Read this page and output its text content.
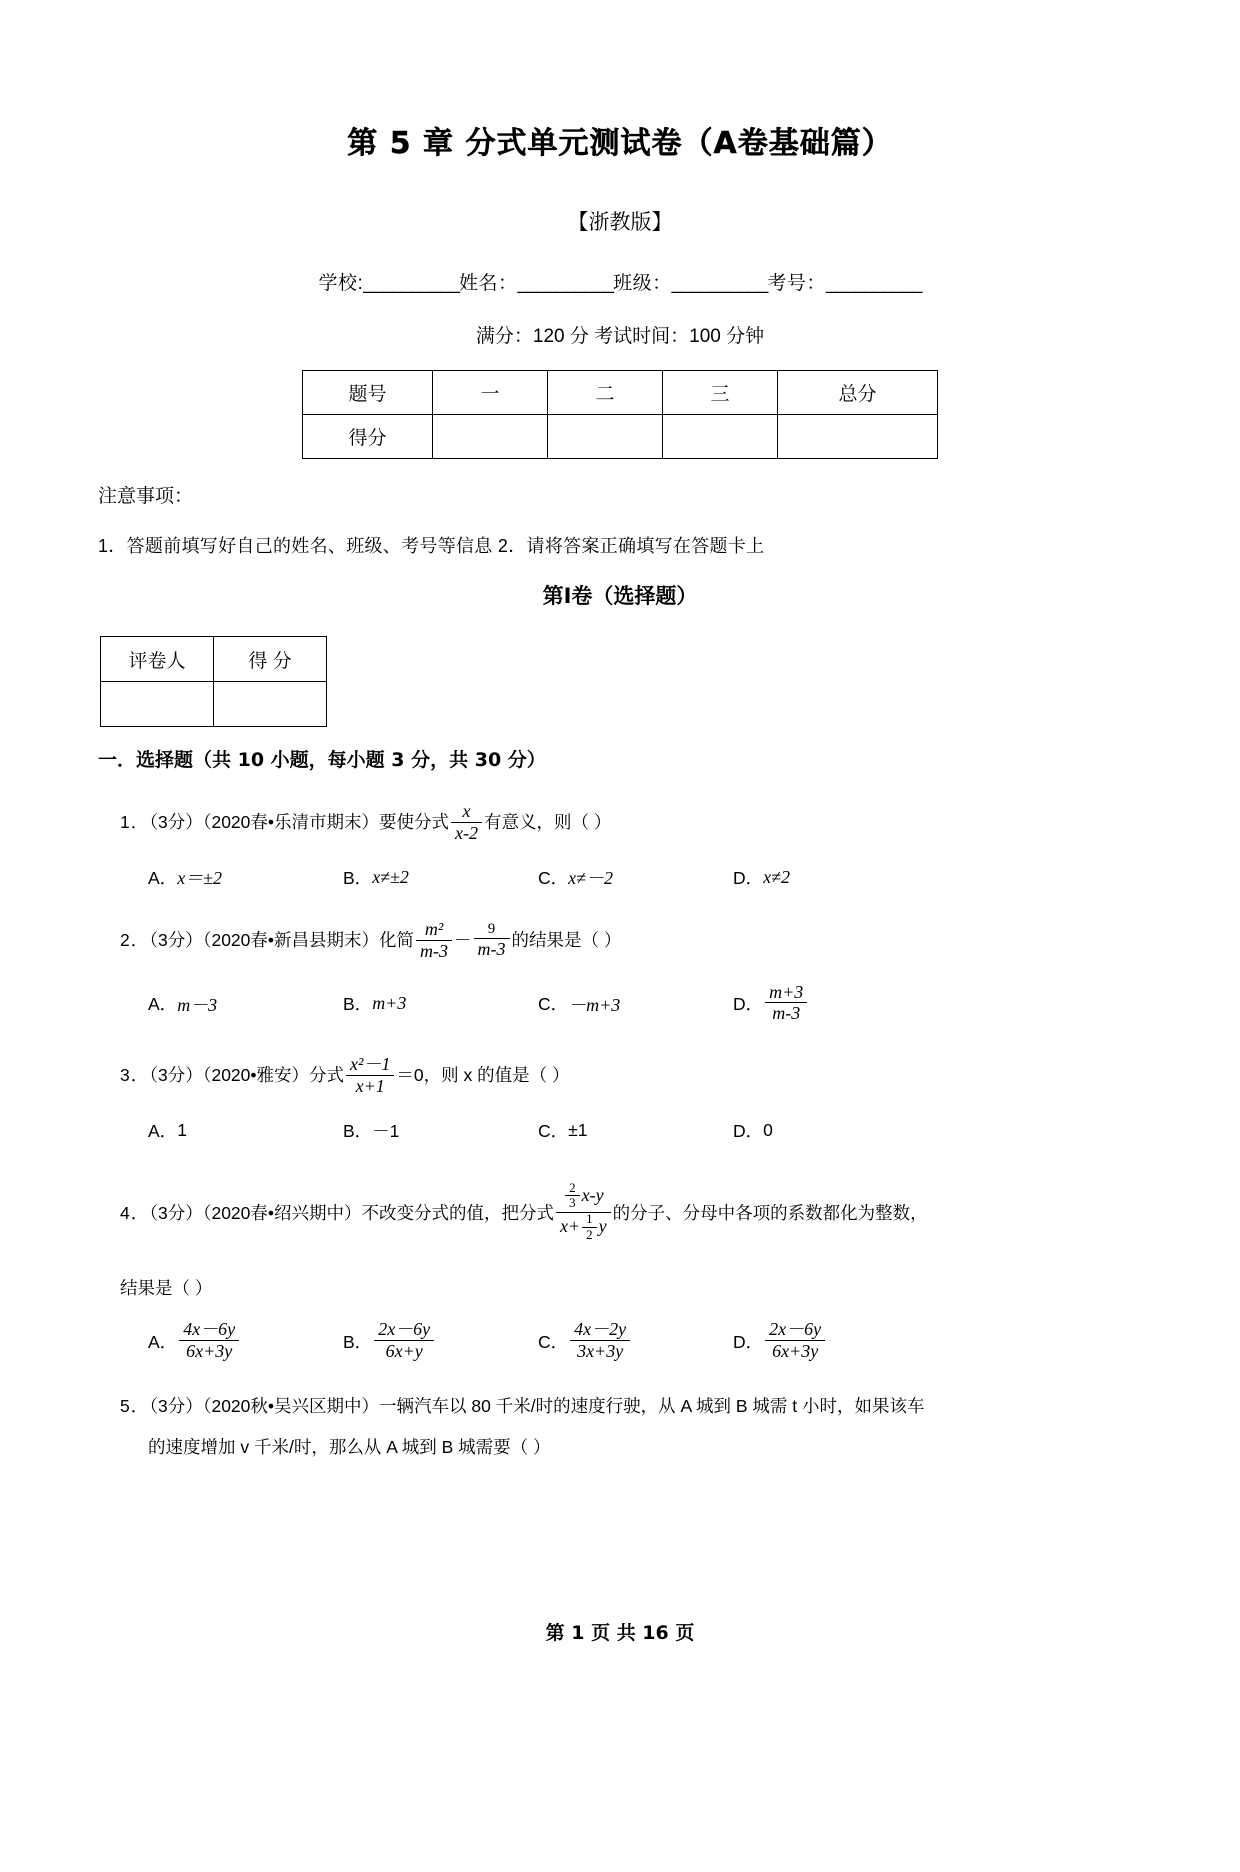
第 5 章 分式单元测试卷（A卷基础篇）
【浙教版】
学校:__________姓名：__________班级：__________考号：__________
满分：120 分 考试时间：100 分钟
题号	一	二	三	总分
得分				
注意事项：
1．答题前填写好自己的姓名、班级、考号等信息 2．请将答案正确填写在答题卡上
第Ⅰ卷（选择题）
评卷人	得 分

一．选择题（共 10 小题，每小题 3 分，共 30 分）
1．（3分）（2020春•乐清市期末）要使分式 $\frac{x}{x-2}$ 有意义，则（ ）
A． x＝±2	B． x≠±2	C． x≠－2	D． x≠2
2．（3分）（2020春•新昌县期末）化简 $\frac{\text{m²}}{m-3} - \frac{9}{m-3}$ 的结果是（ ）
A． m－3	B． m+3	C． －m+3	D． $\frac{m+3}{m-3}$
3．（3分）（2020•雅安）分式 $\frac{\text{x²－1}}{x+1} =0$，则 x 的值是（ ）
A． 1	B． －1	C． ±1	D． 0
4．（3分）（2020春•绍兴期中）不改变分式的值，把分式 $\frac{\frac{2}{3} x-y}{x+ \frac{1}{2} y}$ 的分子、分母中各项的系数都化为整数，
结果是（ ）
A． $\frac{4x-6y}{6x+3y}$	B． $\frac{2x-6y}{6x+y}$	C． $\frac{4x-2y}{3x+3y}$	D． $\frac{2x-6y}{6x+3y}$
5．（3分）（2020秋•吴兴区期中）一辆汽车以 80 千米/时的速度行驶，从 A 城到 B 城需 t 小时，如果该车
的速度增加 v 千米/时，那么从 A 城到 B 城需要（ ）
第 1 页 共 16 页
